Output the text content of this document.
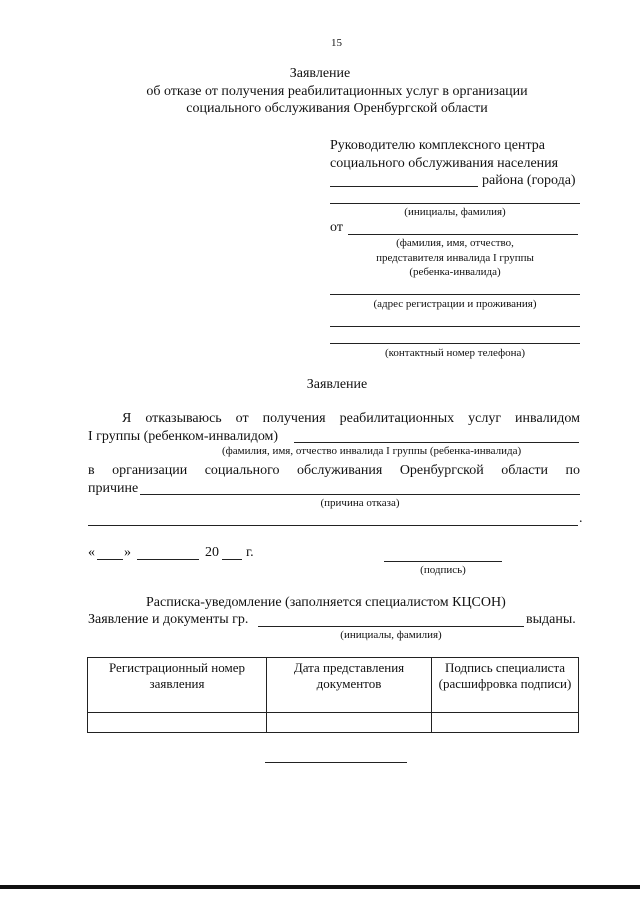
15
Заявление
об отказе от получения реабилитационных услуг в организации
социального обслуживания Оренбургской области
Руководителю комплексного центра
социального обслуживания населения
района (города)
(инициалы, фамилия)
от
(фамилия, имя, отчество,
представителя инвалида I группы
(ребенка-инвалида)
(адрес регистрации и проживания)
(контактный номер телефона)
Заявление
Я отказываюсь от получения реабилитационных услуг инвалидом
I группы (ребенком-инвалидом)
(фамилия, имя, отчество инвалида I группы (ребенка-инвалида)
в организации социального обслуживания Оренбургской области по
причине
(причина отказа)
.
« »	20 г.
(подпись)
Расписка-уведомление (заполняется специалистом КЦСОН)
Заявление и документы гр.	выданы.
(инициалы, фамилия)
Регистрационный номер заявления	Дата представления документов	Подпись специалиста (расшифровка подписи)
